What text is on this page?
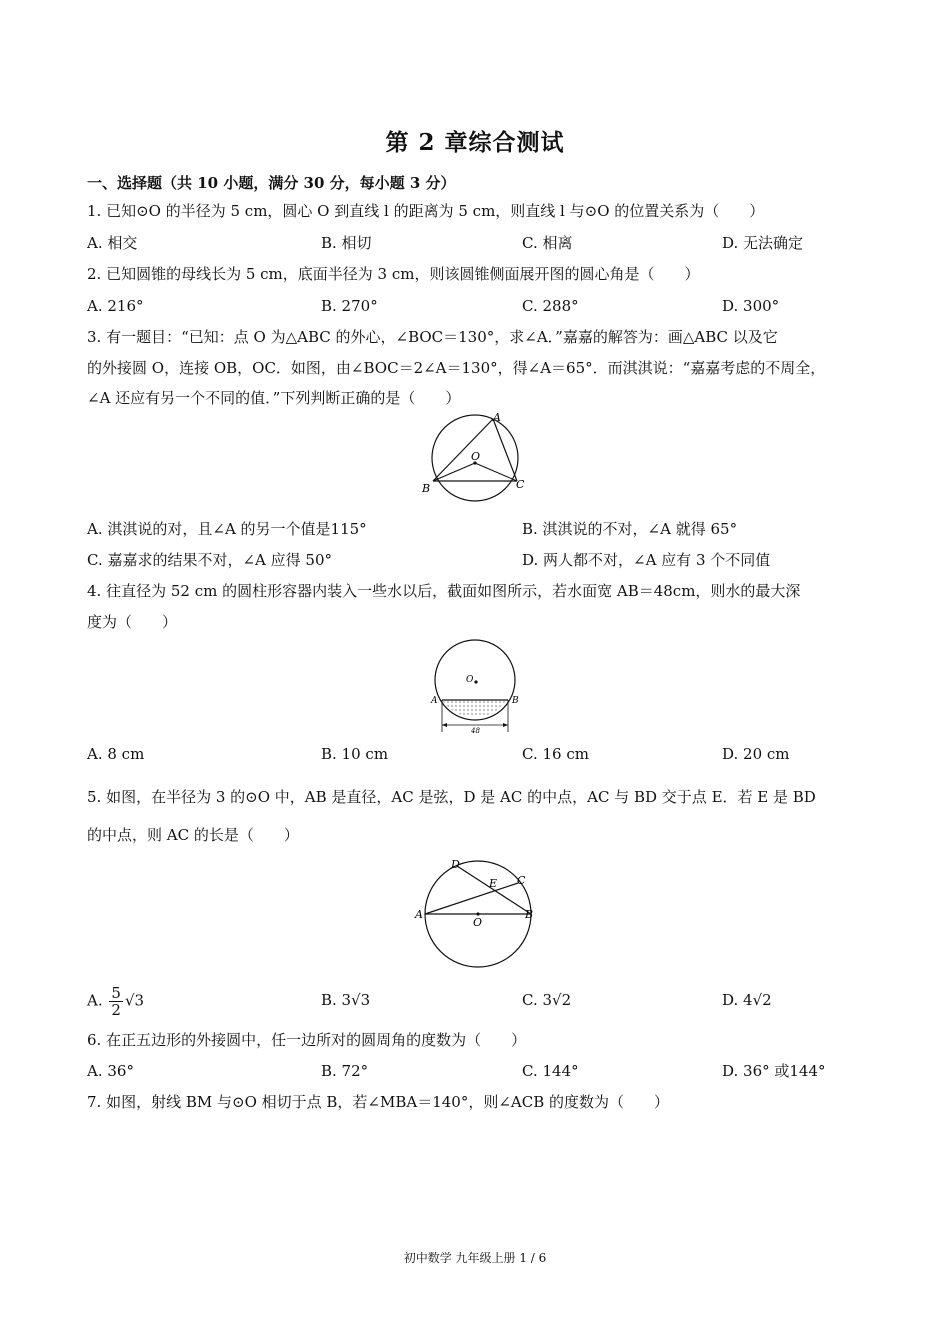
第 2 章综合测试
一、选择题（共 10 小题，满分 30 分，每小题 3 分）
1. 已知⊙O 的半径为 5 cm，圆心 O 到直线 l 的距离为 5 cm，则直线 l 与⊙O 的位置关系为（　　）
A. 相交	B. 相切	C. 相离	D. 无法确定
2. 已知圆锥的母线长为 5 cm，底面半径为 3 cm，则该圆锥侧面展开图的圆心角是（　　）
A. 216°	B. 270°	C. 288°	D. 300°
3. 有一题目：“已知：点 O 为△ABC 的外心，∠BOC＝130°，求∠A．”嘉嘉的解答为：画△ABC 以及它
的外接圆 O，连接 OB，OC．如图，由∠BOC＝2∠A＝130°，得∠A＝65°．而淇淇说：“嘉嘉考虑的不周全，
∠A 还应有另一个不同的值．”下列判断正确的是（　　）
A
O
B	C
A. 淇淇说的对，且∠A 的另一个值是115°	B. 淇淇说的不对，∠A 就得 65°
C. 嘉嘉求的结果不对，∠A 应得 50°	D. 两人都不对，∠A 应有 3 个不同值
4. 往直径为 52 cm 的圆柱形容器内装入一些水以后，截面如图所示，若水面宽 AB＝48cm，则水的最大深
度为（　　）
O
A	B
48
A. 8 cm	B. 10 cm	C. 16 cm	D. 20 cm
5. 如图，在半径为 3 的⊙O 中，AB 是直径，AC 是弦，D 是 AC 的中点，AC 与 BD 交于点 E．若 E 是 BD
的中点，则 AC 的长是（　　）
D
E C
A	B
O
A. $\frac{5}{2} √3$	B. 3√3	C. 3√2	D. 4√2
6. 在正五边形的外接圆中，任一边所对的圆周角的度数为（　　）
A. 36°	B. 72°	C. 144°	D. 36° 或144°
7. 如图，射线 BM 与⊙O 相切于点 B，若∠MBA＝140°，则∠ACB 的度数为（　　）
初中数学 九年级上册 1 / 6
